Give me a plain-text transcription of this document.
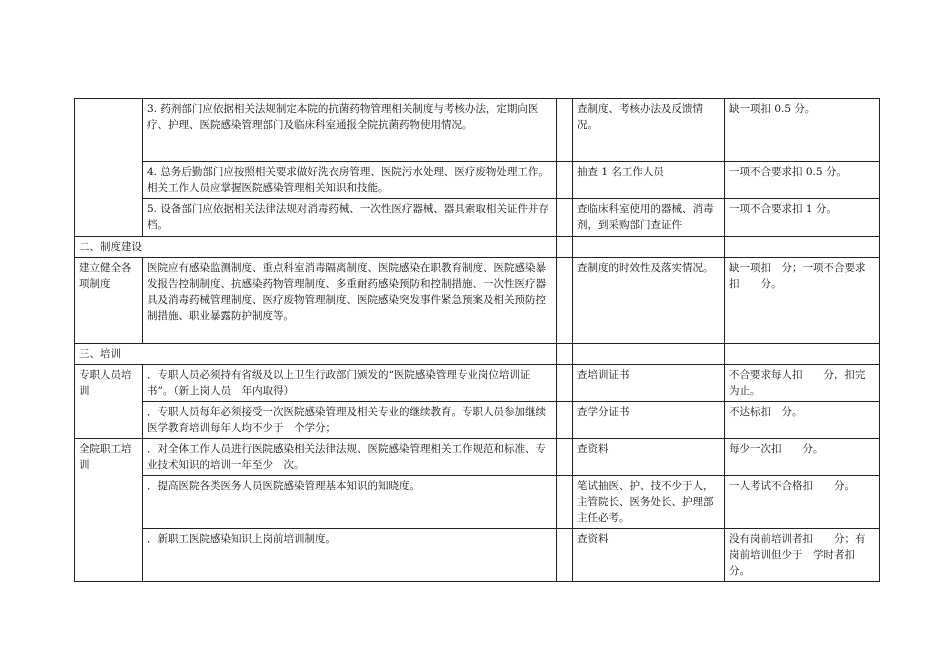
	3. 药剂部门应依据相关法规制定本院的抗菌药物管理相关制度与考核办法，定期向医疗、护理、医院感染管理部门及临床科室通报全院抗菌药物使用情况。		查制度、考核办法及反馈情况。	缺一项扣 0.5 分。
	4. 总务后勤部门应按照相关要求做好洗衣房管理、医院污水处理、医疗废物处理工作。相关工作人员应掌握医院感染管理相关知识和技能。		抽查 1 名工作人员	一项不合要求扣 0.5 分。
	5. 设备部门应依据相关法律法规对消毒药械、一次性医疗器械、器具索取相关证件并存档。		查临床科室使用的器械、消毒剂，到采购部门查证件	一项不合要求扣 1 分。
二、制度建设				
建立健全各项制度	医院应有感染监测制度、重点科室消毒隔离制度、医院感染在职教育制度、医院感染暴发报告控制制度、抗感染药物管理制度、多重耐药感染预防和控制措施、一次性医疗器具及消毒药械管理制度、医疗废物管理制度、医院感染突发事件紧急预案及相关预防控制措施、职业暴露防护制度等。		查制度的时效性及落实情况。	缺一项扣　分；一项不合要求扣　　分。
三、培训				
专职人员培训	．专职人员必须持有省级及以上卫生行政部门颁发的“医院感染管理专业岗位培训证书”。（新上岗人员　年内取得）		查培训证书	不合要求每人扣　　分，扣完为止。
	．专职人员每年必须接受一次医院感染管理及相关专业的继续教育。专职人员参加继续医学教育培训每年人均不少于　个学分；		查学分证书	不达标扣　分。
全院职工培训	．对全体工作人员进行医院感染相关法律法规、医院感染管理相关工作规范和标准、专业技术知识的培训一年至少　次。		查资料	每少一次扣　　分。
	．提高医院各类医务人员医院感染管理基本知识的知晓度。		笔试抽医、护、技不少于人，主管院长、医务处长、护理部主任必考。	一人考试不合格扣　　分。
	．新职工医院感染知识上岗前培训制度。		查资料	没有岗前培训者扣　　分；有岗前培训但少于　学时者扣　　分。
